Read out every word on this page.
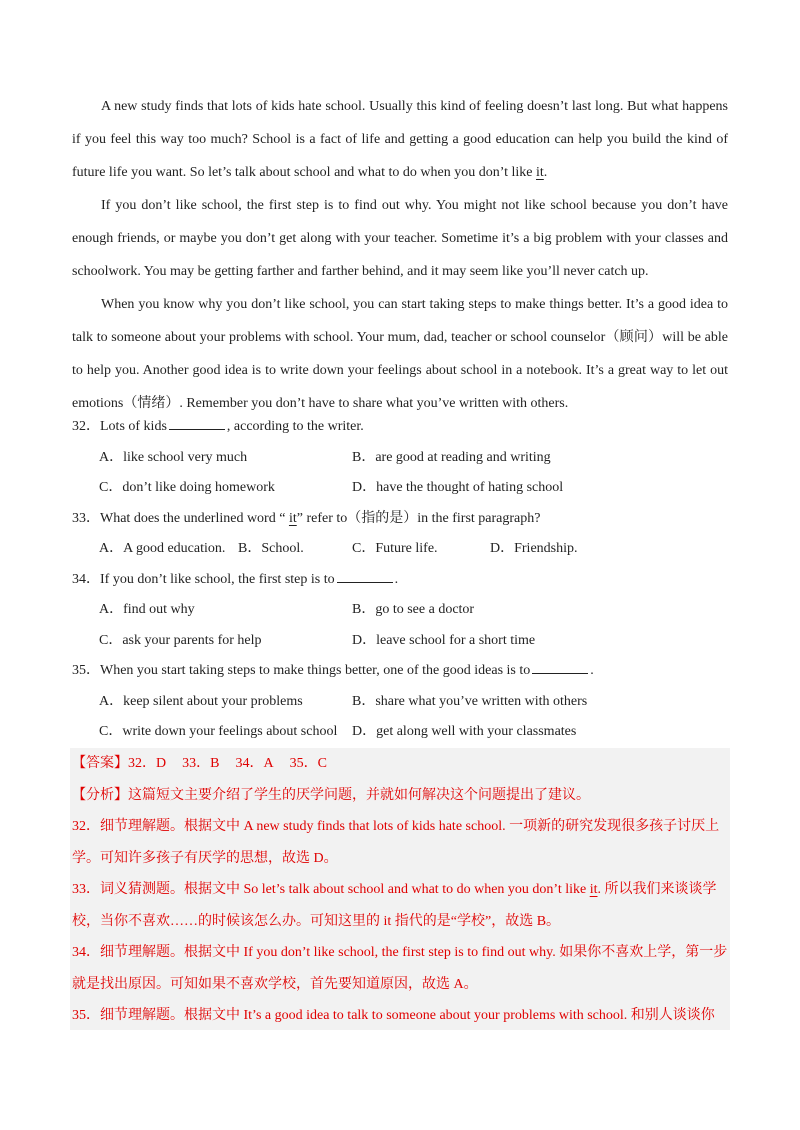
A new study finds that lots of kids hate school. Usually this kind of feeling doesn’t last long. But what happens if you feel this way too much? School is a fact of life and getting a good education can help you build the kind of future life you want. So let’s talk about school and what to do when you don’t like it.

If you don’t like school, the first step is to find out why. You might not like school because you don’t have enough friends, or maybe you don’t get along with your teacher. Sometime it’s a big problem with your classes and schoolwork. You may be getting farther and farther behind, and it may seem like you’ll never catch up.

When you know why you don’t like school, you can start taking steps to make things better. It’s a good idea to talk to someone about your problems with school. Your mum, dad, teacher or school counselor（顾问）will be able to help you. Another good idea is to write down your feelings about school in a notebook. It’s a great way to let out emotions（情绪）. Remember you don’t have to share what you’ve written with others.

32．Lots of kids	, according to the writer.
A．like school very much	B．are good at reading and writing
C．don’t like doing homework	D．have the thought of hating school
33．What does the underlined word “ it” refer to（指的是）in the first paragraph?
A．A good education. B．School.	C．Future life.	D．Friendship.
34．If you don’t like school, the first step is to	.
A．find out why	B．go to see a doctor
C．ask your parents for help	D．leave school for a short time
35．When you start taking steps to make things better, one of the good ideas is to	.
A．keep silent about your problems	B．share what you’ve written with others
C．write down your feelings about school D．get along well with your classmates
【答案】32．D 33．B 34．A 35．C
【分析】这篇短文主要介绍了学生的厌学问题，并就如何解决这个问题提出了建议。
32．细节理解题。根据文中 A new study finds that lots of kids hate school. 一项新的研究发现很多孩子讨厌上学。可知许多孩子有厌学的思想，故选 D。
33．词义猜测题。根据文中 So let’s talk about school and what to do when you don’t like it. 所以我们来谈谈学校，当你不喜欢……的时候该怎么办。可知这里的 it 指代的是“学校”，故选 B。
34．细节理解题。根据文中 If you don’t like school, the first step is to find out why. 如果你不喜欢上学，第一步就是找出原因。可知如果不喜欢学校，首先要知道原因，故选 A。
35．细节理解题。根据文中 It’s a good idea to talk to someone about your problems with school. 和别人谈谈你
